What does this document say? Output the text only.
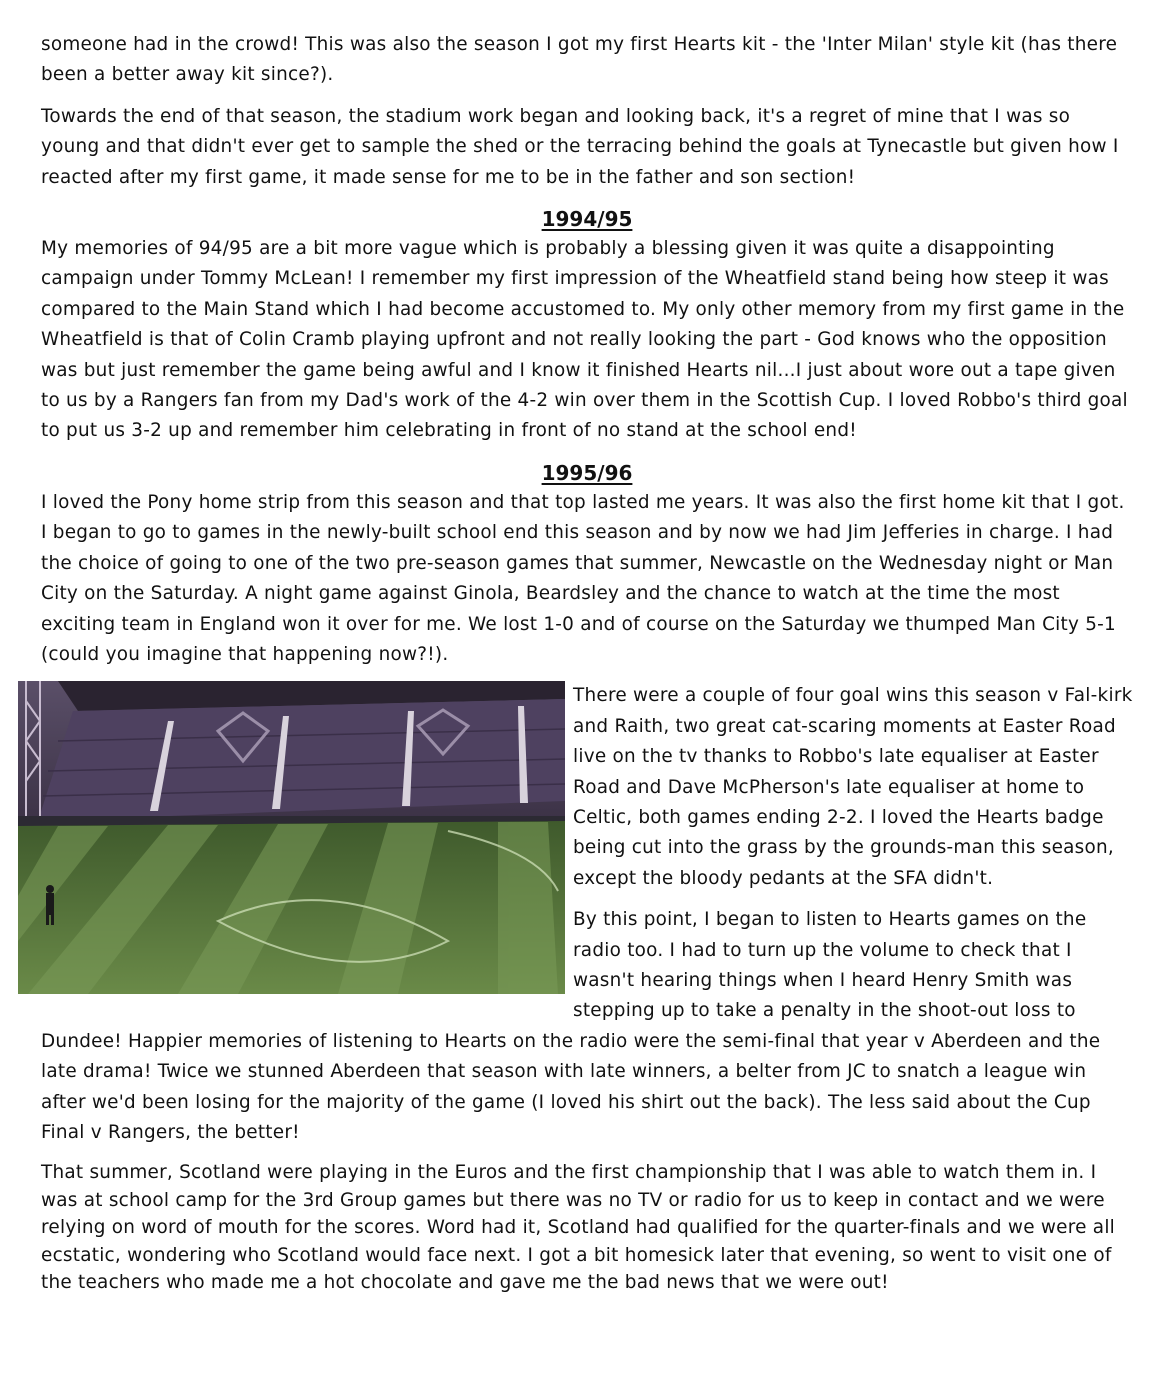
someone had in the crowd! This was also the season I got my first Hearts kit - the 'Inter Milan' style kit (has there been a better away kit since?).

Towards the end of that season, the stadium work began and looking back, it's a regret of mine that I was so young and that didn't ever get to sample the shed or the terracing behind the goals at Tynecastle but given how I reacted after my first game, it made sense for me to be in the father and son section!

1994/95

My memories of 94/95 are a bit more vague which is probably a blessing given it was quite a disappointing campaign under Tommy McLean! I remember my first impression of the Wheatfield stand being how steep it was compared to the Main Stand which I had become accustomed to. My only other memory from my first game in the Wheatfield is that of Colin Cramb playing upfront and not really looking the part - God knows who the opposition was but just remember the game being awful and I know it finished Hearts nil...I just about wore out a tape given to us by a Rangers fan from my Dad's work of the 4-2 win over them in the Scottish Cup. I loved Robbo's third goal to put us 3-2 up and remember him celebrating in front of no stand at the school end!

1995/96

I loved the Pony home strip from this season and that top lasted me years. It was also the first home kit that I got. I began to go to games in the newly-built school end this season and by now we had Jim Jefferies in charge. I had the choice of going to one of the two pre-season games that summer, Newcastle on the Wednesday night or Man City on the Saturday. A night game against Ginola, Beardsley and the chance to watch at the time the most exciting team in England won it over for me. We lost 1-0 and of course on the Saturday we thumped Man City 5-1 (could you imagine that happening now?!).

There were a couple of four goal wins this season v Fal-kirk and Raith, two great cat-scaring moments at Easter Road live on the tv thanks to Robbo's late equaliser at Easter Road and Dave McPherson's late equaliser at home to Celtic, both games ending 2-2. I loved the Hearts badge being cut into the grass by the grounds-man this season, except the bloody pedants at the SFA didn't.

By this point, I began to listen to Hearts games on the radio too. I had to turn up the volume to check that I wasn't hearing things when I heard Henry Smith was stepping up to take a penalty in the shoot-out loss to Dundee! Happier memories of listening to Hearts on the radio were the semi-final that year v Aberdeen and the late drama! Twice we stunned Aberdeen that season with late winners, a belter from JC to snatch a league win after we'd been losing for the majority of the game (I loved his shirt out the back). The less said about the Cup Final v Rangers, the better!

That summer, Scotland were playing in the Euros and the first championship that I was able to watch them in. I was at school camp for the 3rd Group games but there was no TV or radio for us to keep in contact and we were relying on word of mouth for the scores. Word had it, Scotland had qualified for the quarter-finals and we were all ecstatic, wondering who Scotland would face next. I got a bit homesick later that evening, so went to visit one of the teachers who made me a hot chocolate and gave me the bad news that we were out!
